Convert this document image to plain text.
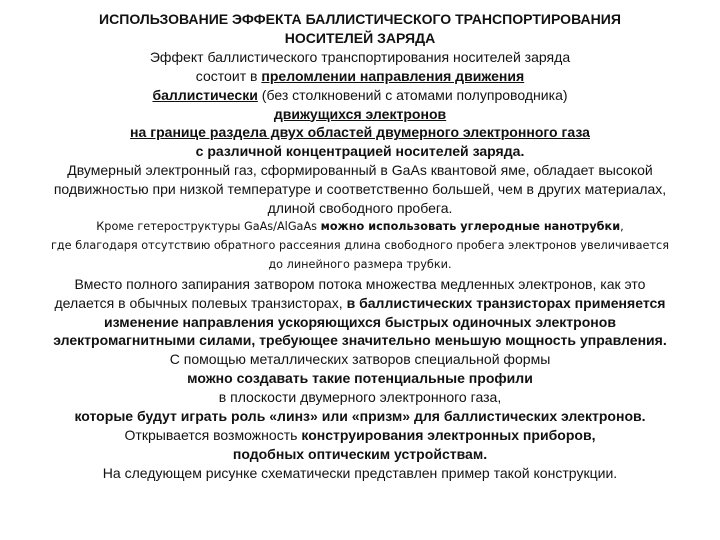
ИСПОЛЬЗОВАНИЕ ЭФФЕКТА БАЛЛИСТИЧЕСКОГО ТРАНСПОРТИРОВАНИЯ
НОСИТЕЛЕЙ ЗАРЯДА
Эффект баллистического транспортирования носителей заряда
состоит в преломлении направления движения
баллистически (без столкновений с атомами полупроводника)
движущихся электронов
на границе раздела двух областей двумерного электронного газа
с различной концентрацией носителей заряда.
Двумерный электронный газ, сформированный в GaAs квантовой яме, обладает высокой
подвижностью при низкой температуре и соответственно большей, чем в других материалах,
длиной свободного пробега.
Кроме гетероструктуры GaAs/AlGaAs можно использовать углеродные нанотрубки,
где благодаря отсутствию обратного рассеяния длина свободного пробега электронов увеличивается
до линейного размера трубки.
Вместо полного запирания затвором потока множества медленных электронов, как это
делается в обычных полевых транзисторах, в баллистических транзисторах применяется
изменение направления ускоряющихся быстрых одиночных электронов
электромагнитными силами, требующее значительно меньшую мощность управления.
С помощью металлических затворов специальной формы
можно создавать такие потенциальные профили
в плоскости двумерного электронного газа,
которые будут играть роль «линз» или «призм» для баллистических электронов.
Открывается возможность конструирования электронных приборов,
подобных оптическим устройствам.
На следующем рисунке схематически представлен пример такой конструкции.
